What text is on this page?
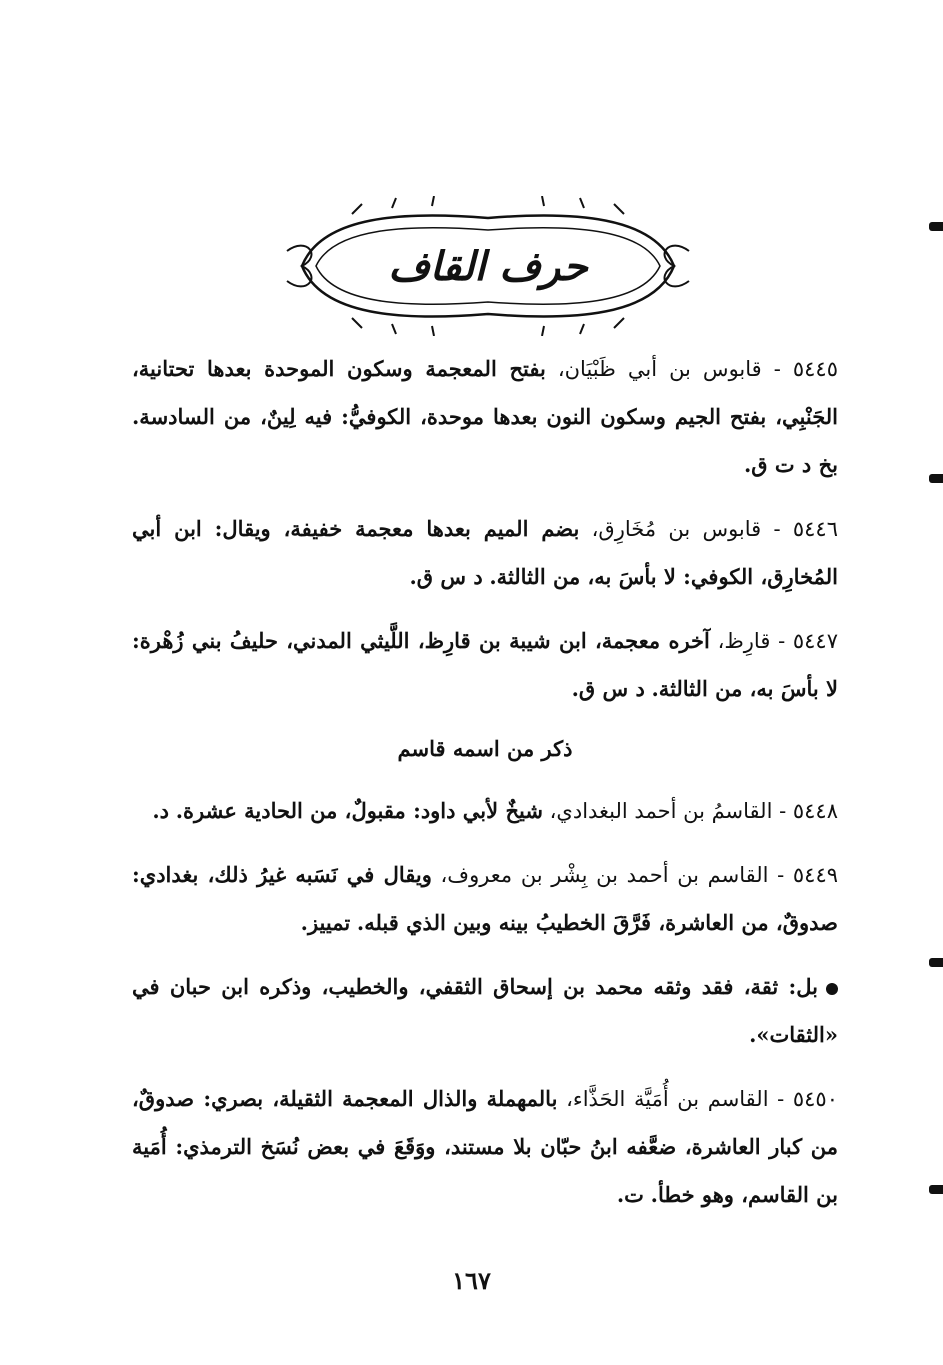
حرف القاف

٥٤٤٥ - قابوس بن أبي ظَبْيَان، بفتح المعجمة وسكون الموحدة بعدها تحتانية، الجَنْبِي، بفتح الجيم وسكون النون بعدها موحدة، الكوفيُّ: فيه لِينٌ، من السادسة. بخ د ت ق.

٥٤٤٦ - قابوس بن مُخَارِق، بضم الميم بعدها معجمة خفيفة، ويقال: ابن أبي المُخارِق، الكوفي: لا بأسَ به، من الثالثة. د س ق.

٥٤٤٧ - قارِظ، آخره معجمة، ابن شيبة بن قارِظ، اللَّيثي المدني، حليفُ بني زُهْرة: لا بأسَ به، من الثالثة. د س ق.

ذكر من اسمه قاسم

٥٤٤٨ - القاسمُ بن أحمد البغدادي، شيخٌ لأبي داود: مقبولٌ، من الحادية عشرة. د.

٥٤٤٩ - القاسم بن أحمد بن بِشْر بن معروف، ويقال في نَسَبه غيرُ ذلك، بغدادي: صدوقٌ، من العاشرة، فَرَّقَ الخطيبُ بينه وبين الذي قبله. تمييز.

بل: ثقة، فقد وثقه محمد بن إسحاق الثقفي، والخطيب، وذكره ابن حبان في «الثقات».

٥٤٥٠ - القاسم بن أُمَيَّة الحَذَّاء، بالمهملة والذال المعجمة الثقيلة، بصري: صدوقٌ، من كبار العاشرة، ضعَّفه ابنُ حبّان بلا مستند، ووَقَعَ في بعض نُسَخ الترمذي: أُمَية بن القاسم، وهو خطأ. ت.

١٦٧
